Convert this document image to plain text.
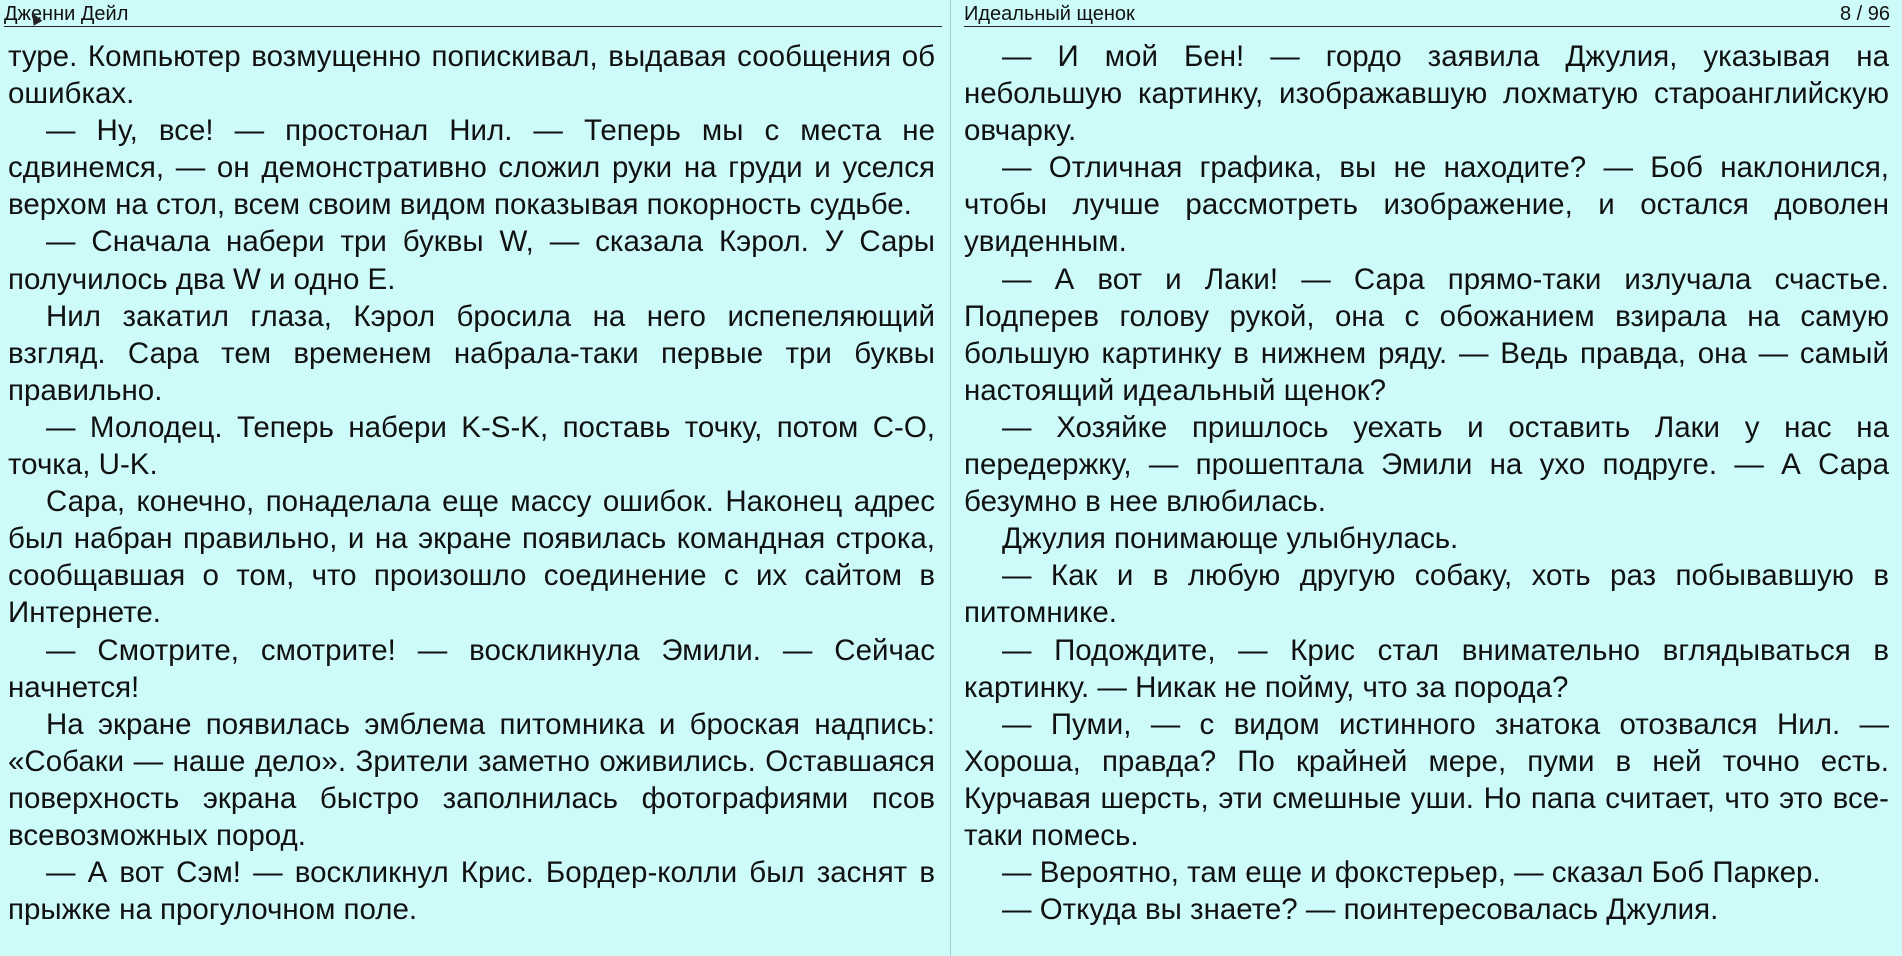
Дженни Дейл

туре. Компьютер возмущенно попискивал, выдавая сообщения об ошибках.

— Ну, все! — простонал Нил. — Теперь мы с места не сдвинемся, — он демонстративно сложил руки на груди и уселся верхом на стол, всем своим видом показывая покорность судьбе.

— Сначала набери три буквы W, — сказала Кэрол. У Сары получилось два W и одно Е.

Нил закатил глаза, Кэрол бросила на него испепеляющий взгляд. Сара тем временем набрала-таки первые три буквы правильно.

— Молодец. Теперь набери K-S-K, поставь точку, потом С-О, точка, U-K.

Сара, конечно, понаделала еще массу ошибок. Наконец адрес был набран правильно, и на экране появилась командная строка, сообщавшая о том, что произошло соединение с их сайтом в Интернете.

— Смотрите, смотрите! — воскликнула Эмили. — Сейчас начнется!

На экране появилась эмблема питомника и броская надпись: «Собаки — наше дело». Зрители заметно оживились. Оставшаяся поверхность экрана быстро заполнилась фотографиями псов всевозможных пород.

— А вот Сэм! — воскликнул Крис. Бордер-колли был заснят в прыжке на прогулочном поле.

Идеальный щенок	8 / 96

— И мой Бен! — гордо заявила Джулия, указывая на небольшую картинку, изображавшую лохматую староанглийскую овчарку.

— Отличная графика, вы не находите? — Боб наклонился, чтобы лучше рассмотреть изображение, и остался доволен увиденным.

— А вот и Лаки! — Сара прямо-таки излучала счастье. Подперев голову рукой, она с обожанием взирала на самую большую картинку в нижнем ряду. — Ведь правда, она — самый настоящий идеальный щенок?

— Хозяйке пришлось уехать и оставить Лаки у нас на передержку, — прошептала Эмили на ухо подруге. — А Сара безумно в нее влюбилась.

Джулия понимающе улыбнулась.

— Как и в любую другую собаку, хоть раз побывавшую в питомнике.

— Подождите, — Крис стал внимательно вглядываться в картинку. — Никак не пойму, что за порода?

— Пуми, — с видом истинного знатока отозвался Нил. — Хороша, правда? По крайней мере, пуми в ней точно есть. Курчавая шерсть, эти смешные уши. Но папа считает, что это все-таки помесь.

— Вероятно, там еще и фокстерьер, — сказал Боб Паркер.

— Откуда вы знаете? — поинтересовалась Джулия.
